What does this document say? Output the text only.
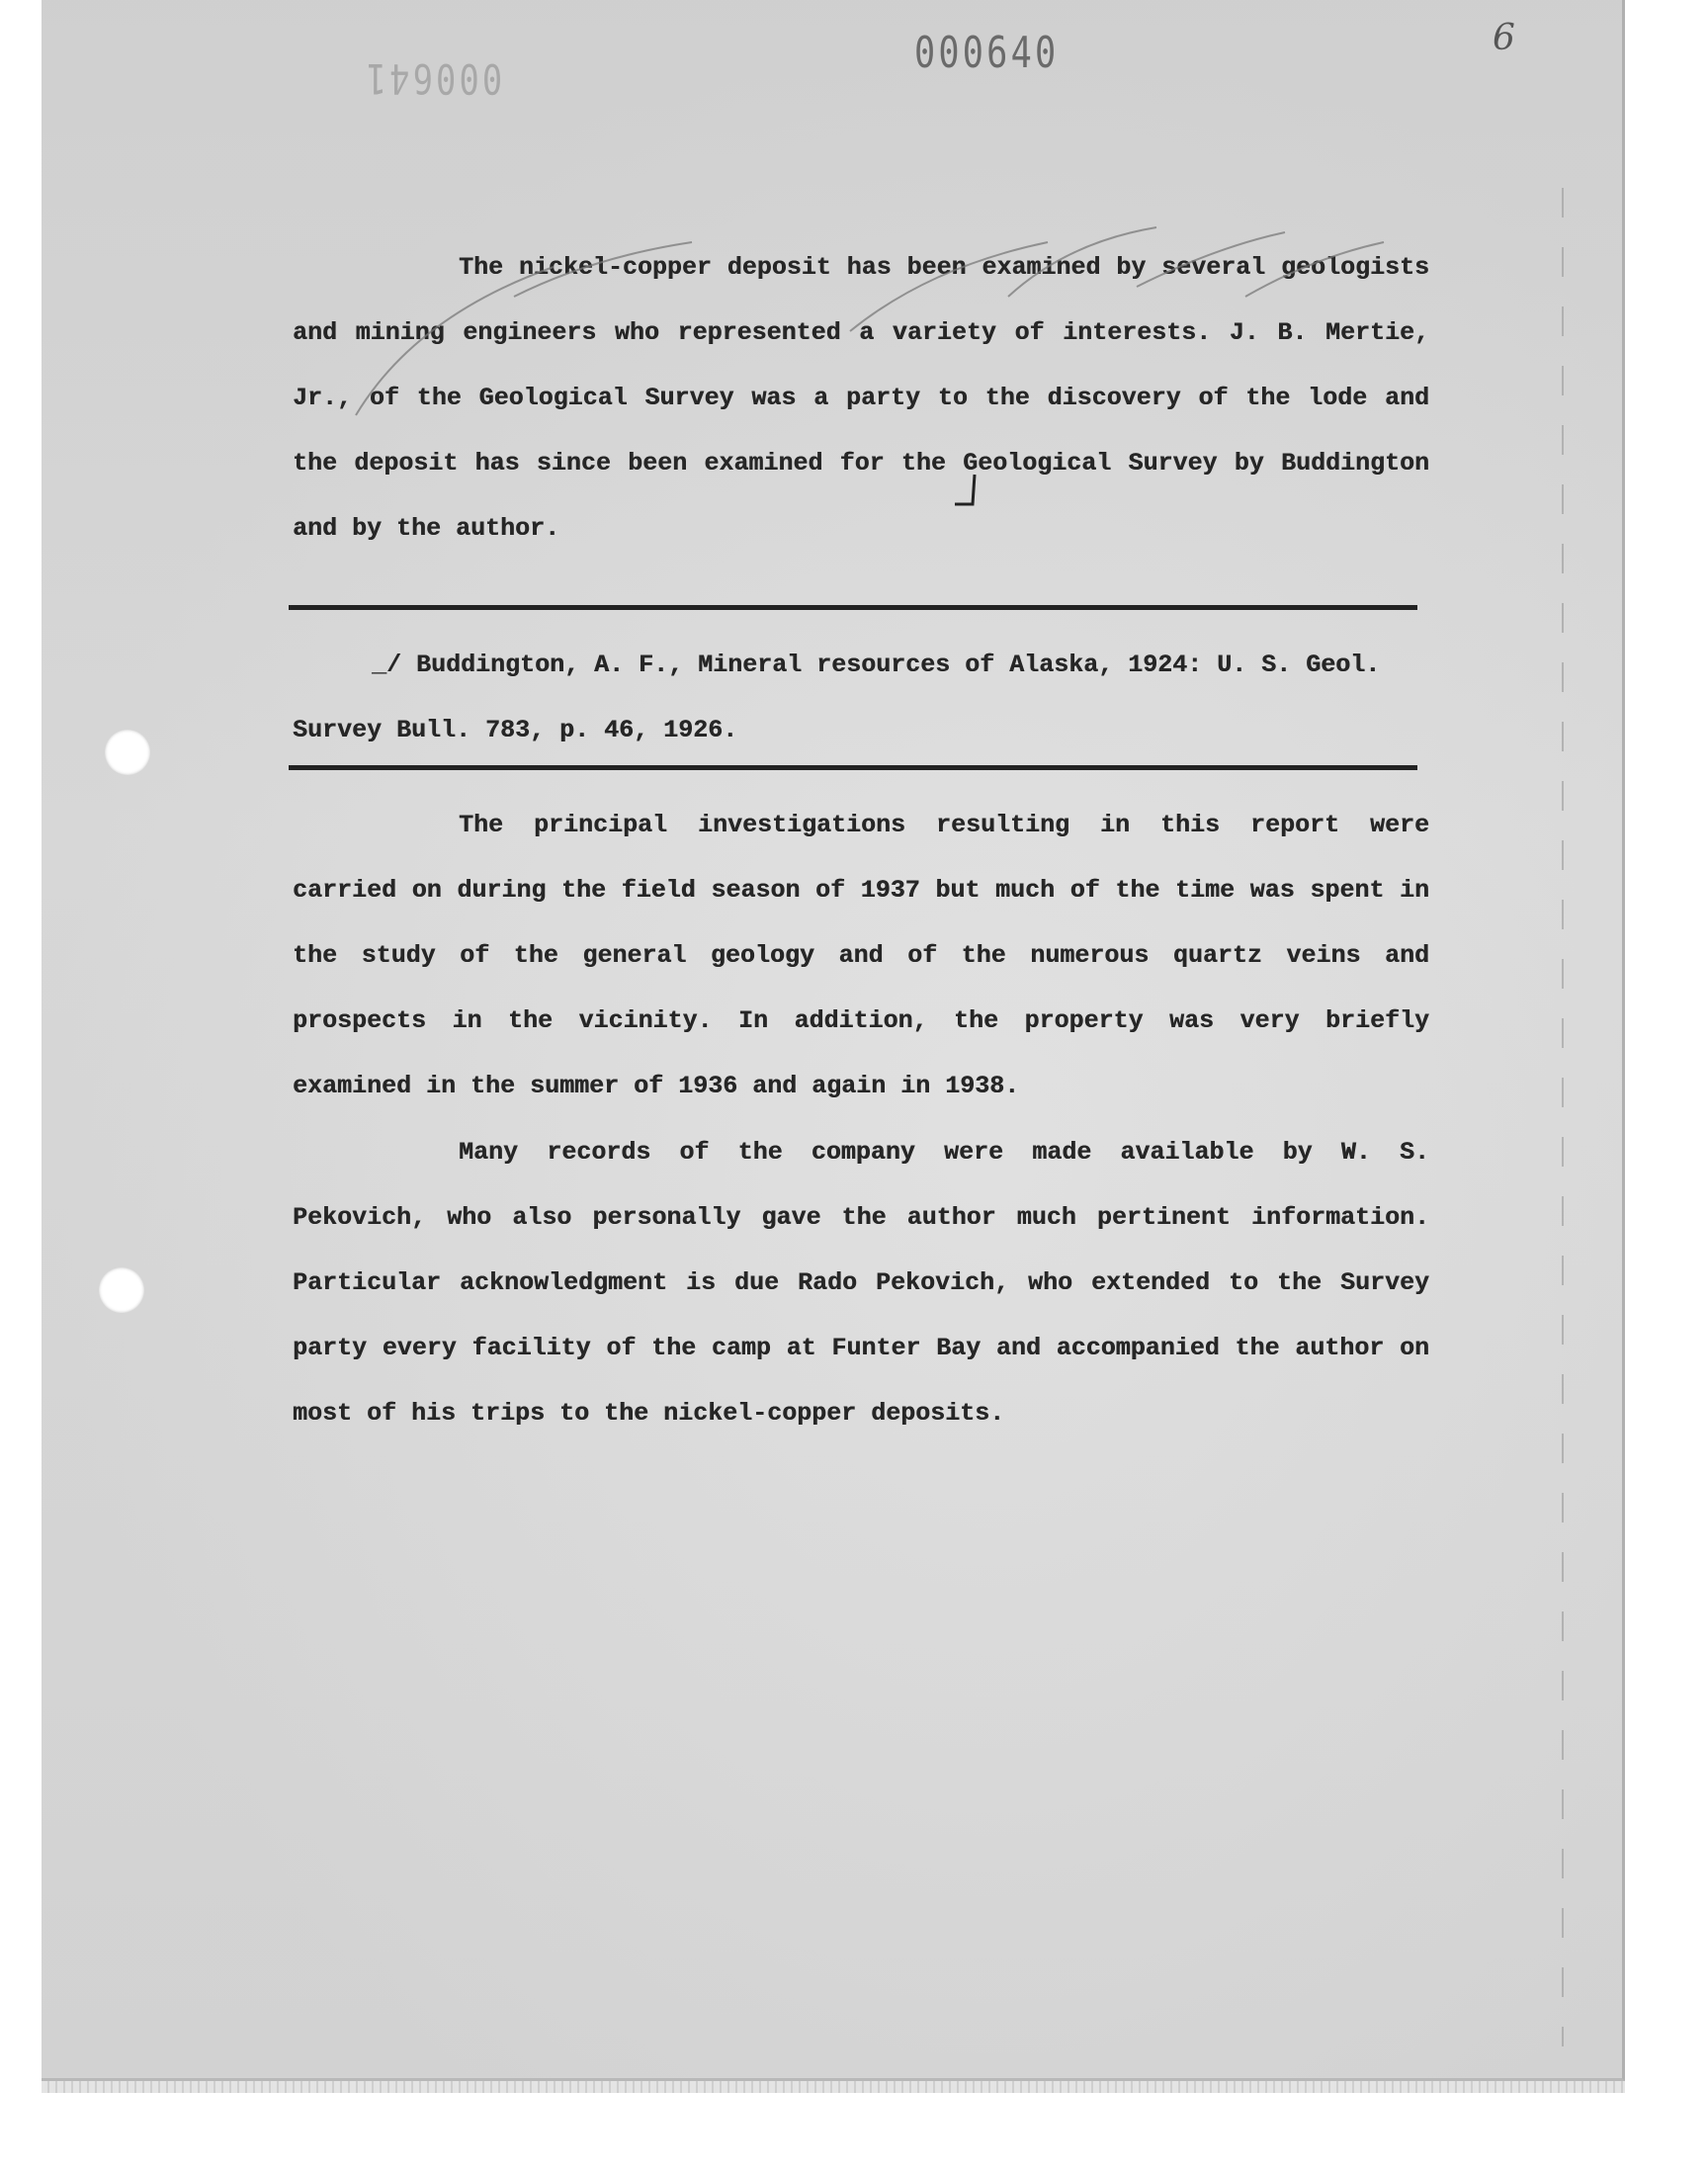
000641
000640	6

The nickel-copper deposit has been examined by several geologists and mining engineers who represented a variety of interests. J. B. Mertie, Jr., of the Geological Survey was a party to the discovery of the lode and the deposit has since been examined for the Geological Survey by Buddington and by the author.

_/ Buddington, A. F., Mineral resources of Alaska, 1924: U. S. Geol. Survey Bull. 783, p. 46, 1926.

The principal investigations resulting in this report were carried on during the field season of 1937 but much of the time was spent in the study of the general geology and of the numerous quartz veins and prospects in the vicinity. In addition, the property was very briefly examined in the summer of 1936 and again in 1938.

Many records of the company were made available by W. S. Pekovich, who also personally gave the author much pertinent information. Particular acknowledgment is due Rado Pekovich, who extended to the Survey party every facility of the camp at Funter Bay and accompanied the author on most of his trips to the nickel-copper deposits.
